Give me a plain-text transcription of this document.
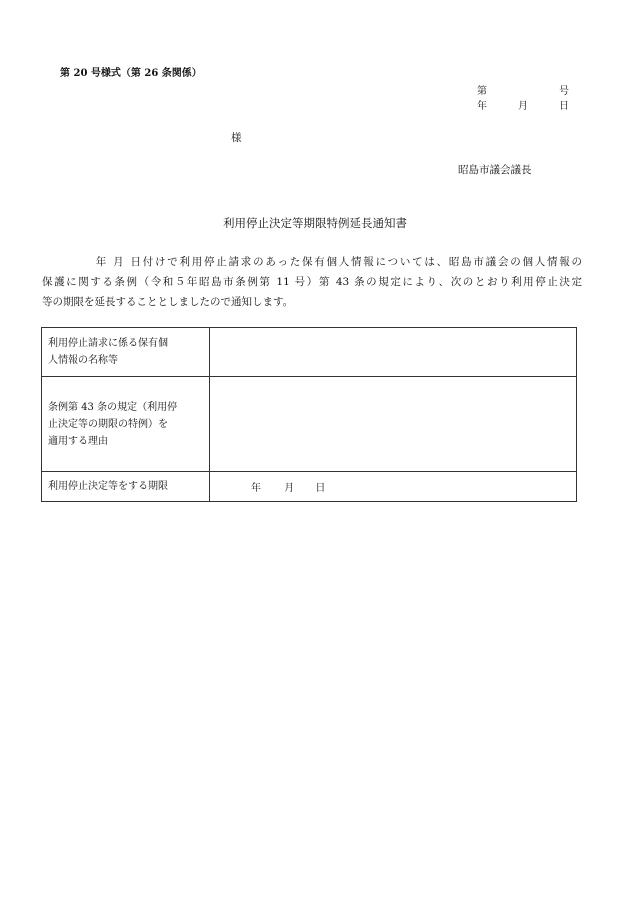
第 20 号様式（第 26 条関係）
第	号
年	月	日
様
昭島市議会議長
利用停止決定等期限特例延長通知書
年 月 日付けで利用停止請求のあった保有個人情報については、昭島市議会の個人情報の
保護に関する条例（令和５年昭島市条例第 11 号）第 43 条の規定により、次のとおり利用停止決定
等の期限を延長することとしましたので通知します。
利用停止請求に係る保有個
人情報の名称等	

条例第 43 条の規定（利用停
止決定等の期限の特例）を
適用する理由	

利用停止決定等をする期限	年 月 日
